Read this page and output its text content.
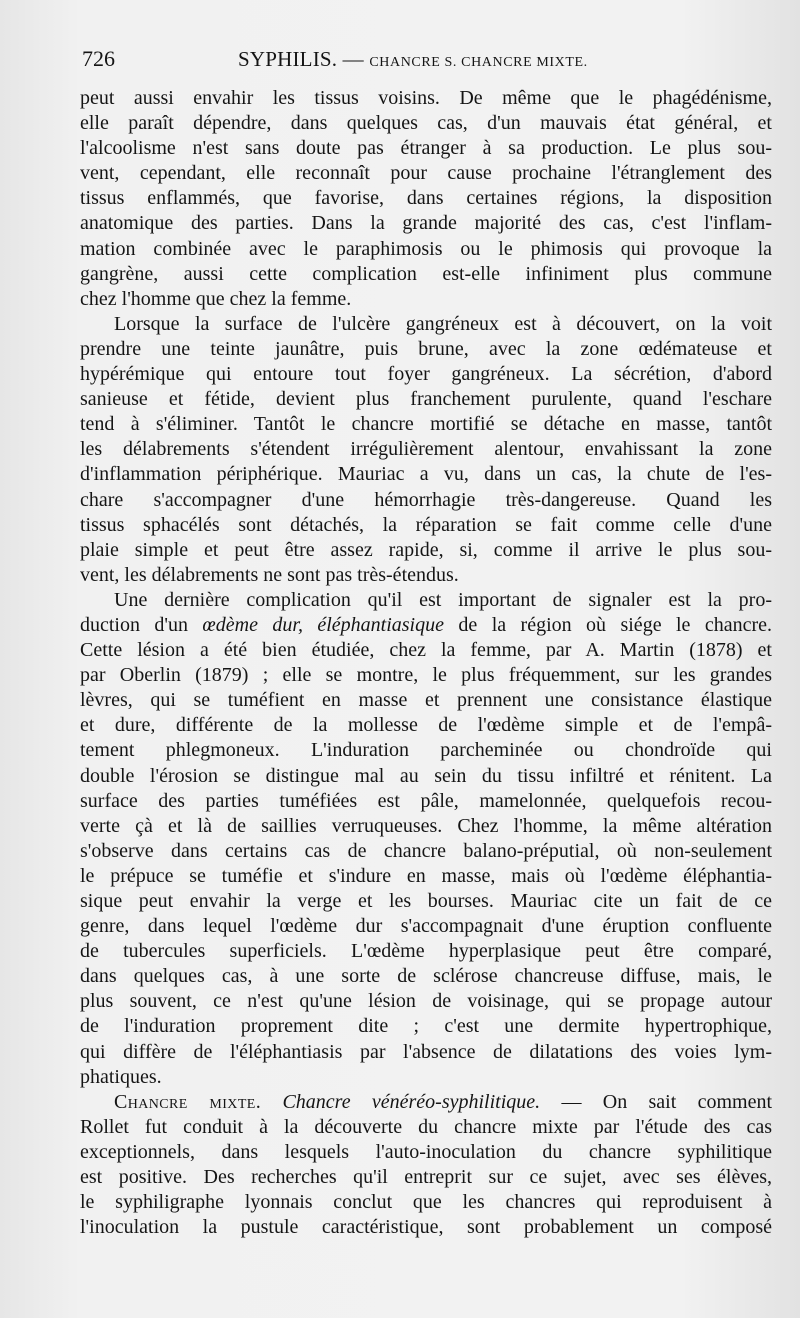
726	SYPHILIS. — CHANCRE S. CHANCRE MIXTE.
peut aussi envahir les tissus voisins. De même que le phagédénisme,
elle paraît dépendre, dans quelques cas, d'un mauvais état général, et
l'alcoolisme n'est sans doute pas étranger à sa production. Le plus sou-
vent, cependant, elle reconnaît pour cause prochaine l'étranglement des
tissus enflammés, que favorise, dans certaines régions, la disposition
anatomique des parties. Dans la grande majorité des cas, c'est l'inflam-
mation combinée avec le paraphimosis ou le phimosis qui provoque la
gangrène, aussi cette complication est-elle infiniment plus commune
chez l'homme que chez la femme.
Lorsque la surface de l'ulcère gangréneux est à découvert, on la voit
prendre une teinte jaunâtre, puis brune, avec la zone œdémateuse et
hypérémique qui entoure tout foyer gangréneux. La sécrétion, d'abord
sanieuse et fétide, devient plus franchement purulente, quand l'eschare
tend à s'éliminer. Tantôt le chancre mortifié se détache en masse, tantôt
les délabrements s'étendent irrégulièrement alentour, envahissant la zone
d'inflammation périphérique. Mauriac a vu, dans un cas, la chute de l'es-
chare s'accompagner d'une hémorrhagie très-dangereuse. Quand les
tissus sphacélés sont détachés, la réparation se fait comme celle d'une
plaie simple et peut être assez rapide, si, comme il arrive le plus sou-
vent, les délabrements ne sont pas très-étendus.
Une dernière complication qu'il est important de signaler est la pro-
duction d'un œdème dur, éléphantiasique de la région où siége le chancre.
Cette lésion a été bien étudiée, chez la femme, par A. Martin (1878) et
par Oberlin (1879) ; elle se montre, le plus fréquemment, sur les grandes
lèvres, qui se tuméfient en masse et prennent une consistance élastique
et dure, différente de la mollesse de l'œdème simple et de l'empâ-
tement phlegmoneux. L'induration parcheminée ou chondroïde qui
double l'érosion se distingue mal au sein du tissu infiltré et rénitent. La
surface des parties tuméfiées est pâle, mamelonnée, quelquefois recou-
verte çà et là de saillies verruqueuses. Chez l'homme, la même altération
s'observe dans certains cas de chancre balano-préputial, où non-seulement
le prépuce se tuméfie et s'indure en masse, mais où l'œdème éléphantia-
sique peut envahir la verge et les bourses. Mauriac cite un fait de ce
genre, dans lequel l'œdème dur s'accompagnait d'une éruption confluente
de tubercules superficiels. L'œdème hyperplasique peut être comparé,
dans quelques cas, à une sorte de sclérose chancreuse diffuse, mais, le
plus souvent, ce n'est qu'une lésion de voisinage, qui se propage autour
de l'induration proprement dite ; c'est une dermite hypertrophique,
qui diffère de l'éléphantiasis par l'absence de dilatations des voies lym-
phatiques.
Chancre mixte. Chancre vénéréo-syphilitique. — On sait comment
Rollet fut conduit à la découverte du chancre mixte par l'étude des cas
exceptionnels, dans lesquels l'auto-inoculation du chancre syphilitique
est positive. Des recherches qu'il entreprit sur ce sujet, avec ses élèves,
le syphiligraphe lyonnais conclut que les chancres qui reproduisent à
l'inoculation la pustule caractéristique, sont probablement un composé
